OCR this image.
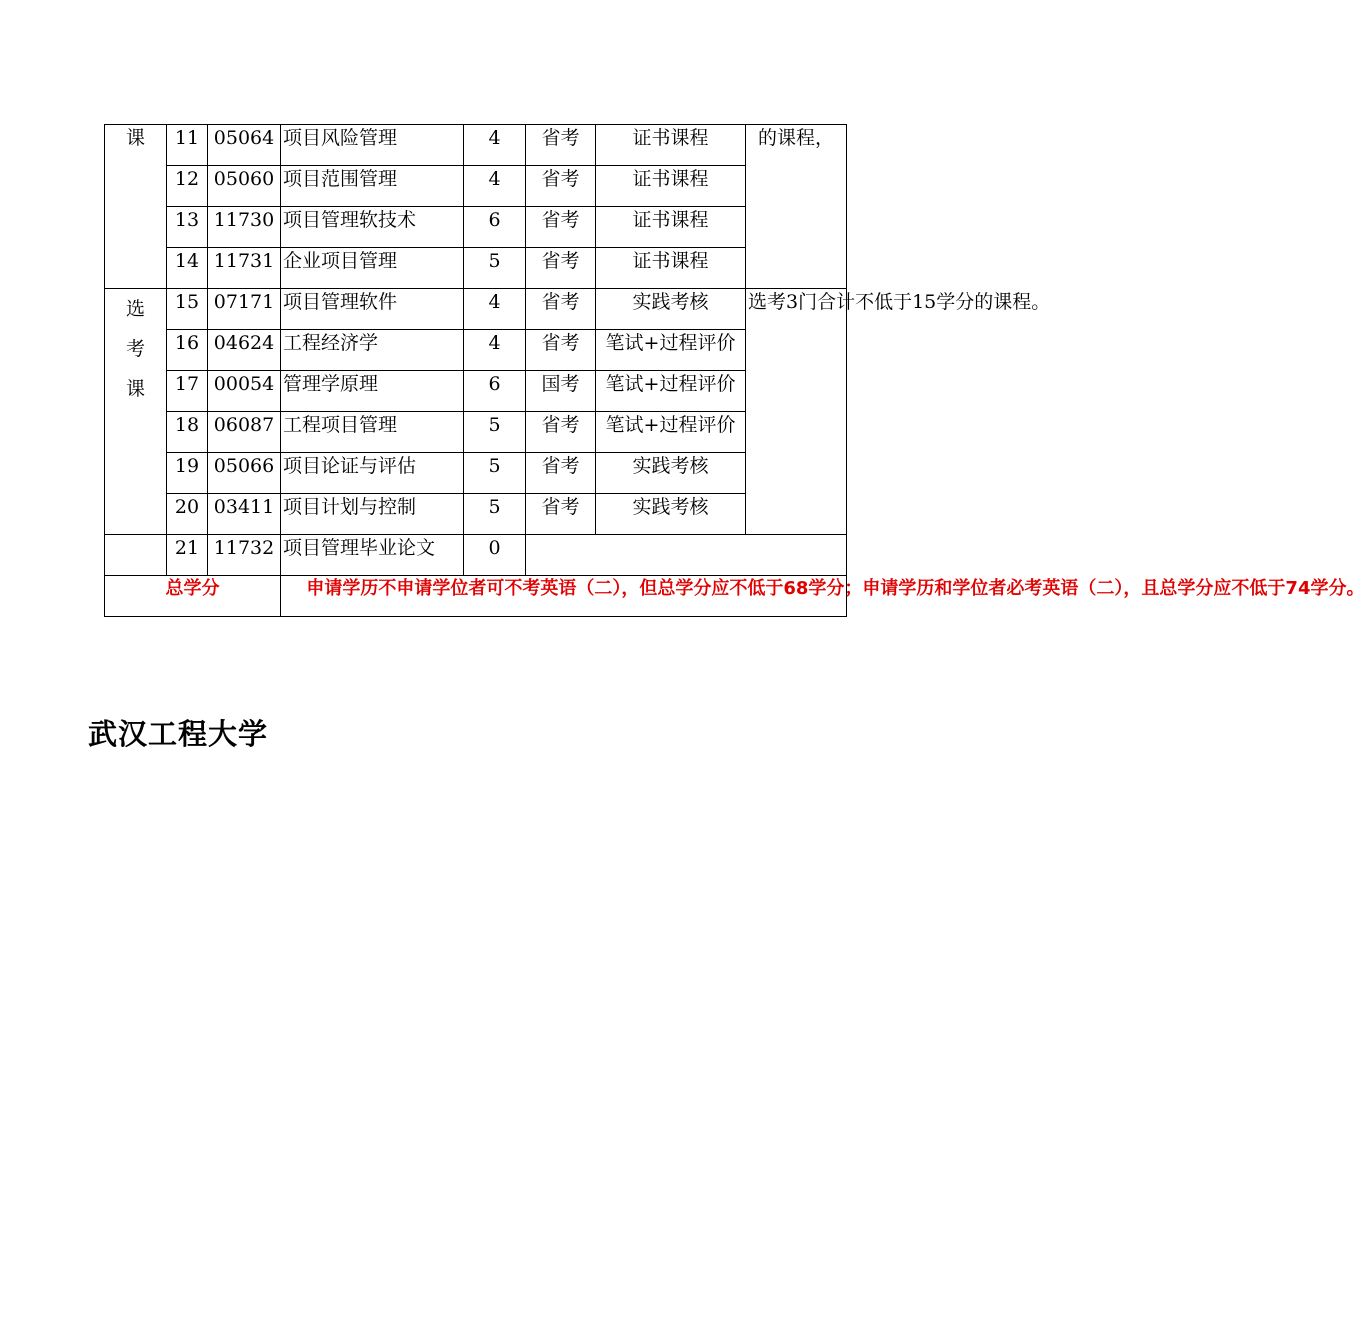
课	11	05064	项目风险管理	4	省考	证书课程	的课程，
	12	05060	项目范围管理	4	省考	证书课程	
	13	11730	项目管理软技术	6	省考	证书课程	
	14	11731	企业项目管理	5	省考	证书课程	

选考课	15	07171	项目管理软件	4	省考	实践考核	选考3门合计不低于15学分的课程。
	16	04624	工程经济学	4	省考	笔试+过程评价	
	17	00054	管理学原理	6	国考	笔试+过程评价	
	18	06087	工程项目管理	5	省考	笔试+过程评价	
	19	05066	项目论证与评估	5	省考	实践考核	
	20	03411	项目计划与控制	5	省考	实践考核	
	21	11732	项目管理毕业论文	0			
总学分			申请学历不申请学位者可不考英语（二），但总学分应不低于68学分；申请学历和学位者必考英语（二），且总学分应不低于74学分。				
武汉工程大学
